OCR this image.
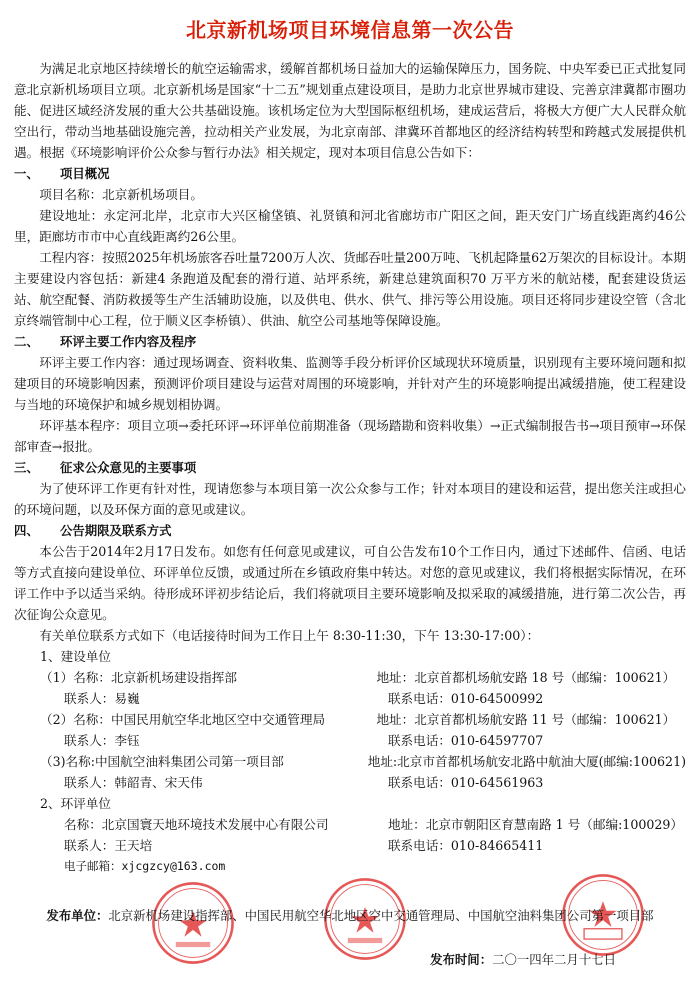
北京新机场项目环境信息第一次公告

为满足北京地区持续增长的航空运输需求，缓解首都机场日益加大的运输保障压力，国务院、中央军委已正式批复同意北京新机场项目立项。北京新机场是国家“十二五”规划重点建设项目，是助力北京世界城市建设、完善京津冀都市圈功能、促进区域经济发展的重大公共基础设施。该机场定位为大型国际枢纽机场，建成运营后，将极大方便广大人民群众航空出行，带动当地基础设施完善，拉动相关产业发展，为北京南部、津冀环首都地区的经济结构转型和跨越式发展提供机遇。根据《环境影响评价公众参与暂行办法》相关规定，现对本项目信息公告如下：

一、 项目概况

项目名称：北京新机场项目。

建设地址：永定河北岸，北京市大兴区榆垡镇、礼贤镇和河北省廊坊市广阳区之间，距天安门广场直线距离约46公里，距廊坊市市中心直线距离约26公里。

工程内容：按照2025年机场旅客吞吐量7200万人次、货邮吞吐量200万吨、飞机起降量62万架次的目标设计。本期主要建设内容包括：新建4 条跑道及配套的滑行道、站坪系统，新建总建筑面积70 万平方米的航站楼，配套建设货运站、航空配餐、消防救援等生产生活辅助设施，以及供电、供水、供气、排污等公用设施。项目还将同步建设空管（含北京终端管制中心工程，位于顺义区李桥镇）、供油、航空公司基地等保障设施。

二、 环评主要工作内容及程序

环评主要工作内容：通过现场调查、资料收集、监测等手段分析评价区域现状环境质量，识别现有主要环境问题和拟建项目的环境影响因素，预测评价项目建设与运营对周围的环境影响，并针对产生的环境影响提出减缓措施，使工程建设与当地的环境保护和城乡规划相协调。

环评基本程序：项目立项→委托环评→环评单位前期准备（现场踏勘和资料收集）→正式编制报告书→项目预审→环保部审查→报批。

三、 征求公众意见的主要事项

为了使环评工作更有针对性，现请您参与本项目第一次公众参与工作；针对本项目的建设和运营，提出您关注或担心的环境问题，以及环保方面的意见或建议。

四、 公告期限及联系方式

本公告于2014年2月17日发布。如您有任何意见或建议，可自公告发布10个工作日内，通过下述邮件、信函、电话等方式直接向建设单位、环评单位反馈，或通过所在乡镇政府集中转达。对您的意见或建议，我们将根据实际情况，在环评工作中予以适当采纳。待形成环评初步结论后，我们将就项目主要环境影响及拟采取的减缓措施，进行第二次公告，再次征询公众意见。

有关单位联系方式如下（电话接待时间为工作日上午 8:30-11:30，下午 13:30-17:00）：

1、建设单位

（1）名称：北京新机场建设指挥部	地址：北京首都机场航安路 18 号（邮编：100621）
联系人：易巍	联系电话：010-64500992
（2）名称：中国民用航空华北地区空中交通管理局	地址：北京首都机场航安路 11 号（邮编：100621）
联系人：李钰	联系电话：010-64597707
（3)名称:中国航空油料集团公司第一项目部	地址:北京市首都机场航安北路中航油大厦(邮编:100621)
联系人：韩韶青、宋天伟	联系电话：010-64561963

2、环评单位

名称：北京国寰天地环境技术发展中心有限公司	地址：北京市朝阳区育慧南路 1 号（邮编:100029）
联系人：王天培	联系电话：010-84665411
电子邮箱：xjcgzcy@163.com
发布单位：北京新机场建设指挥部、中国民用航空华北地区空中交通管理局、中国航空油料集团公司第一项目部
发布时间：二〇一四年二月十七日
